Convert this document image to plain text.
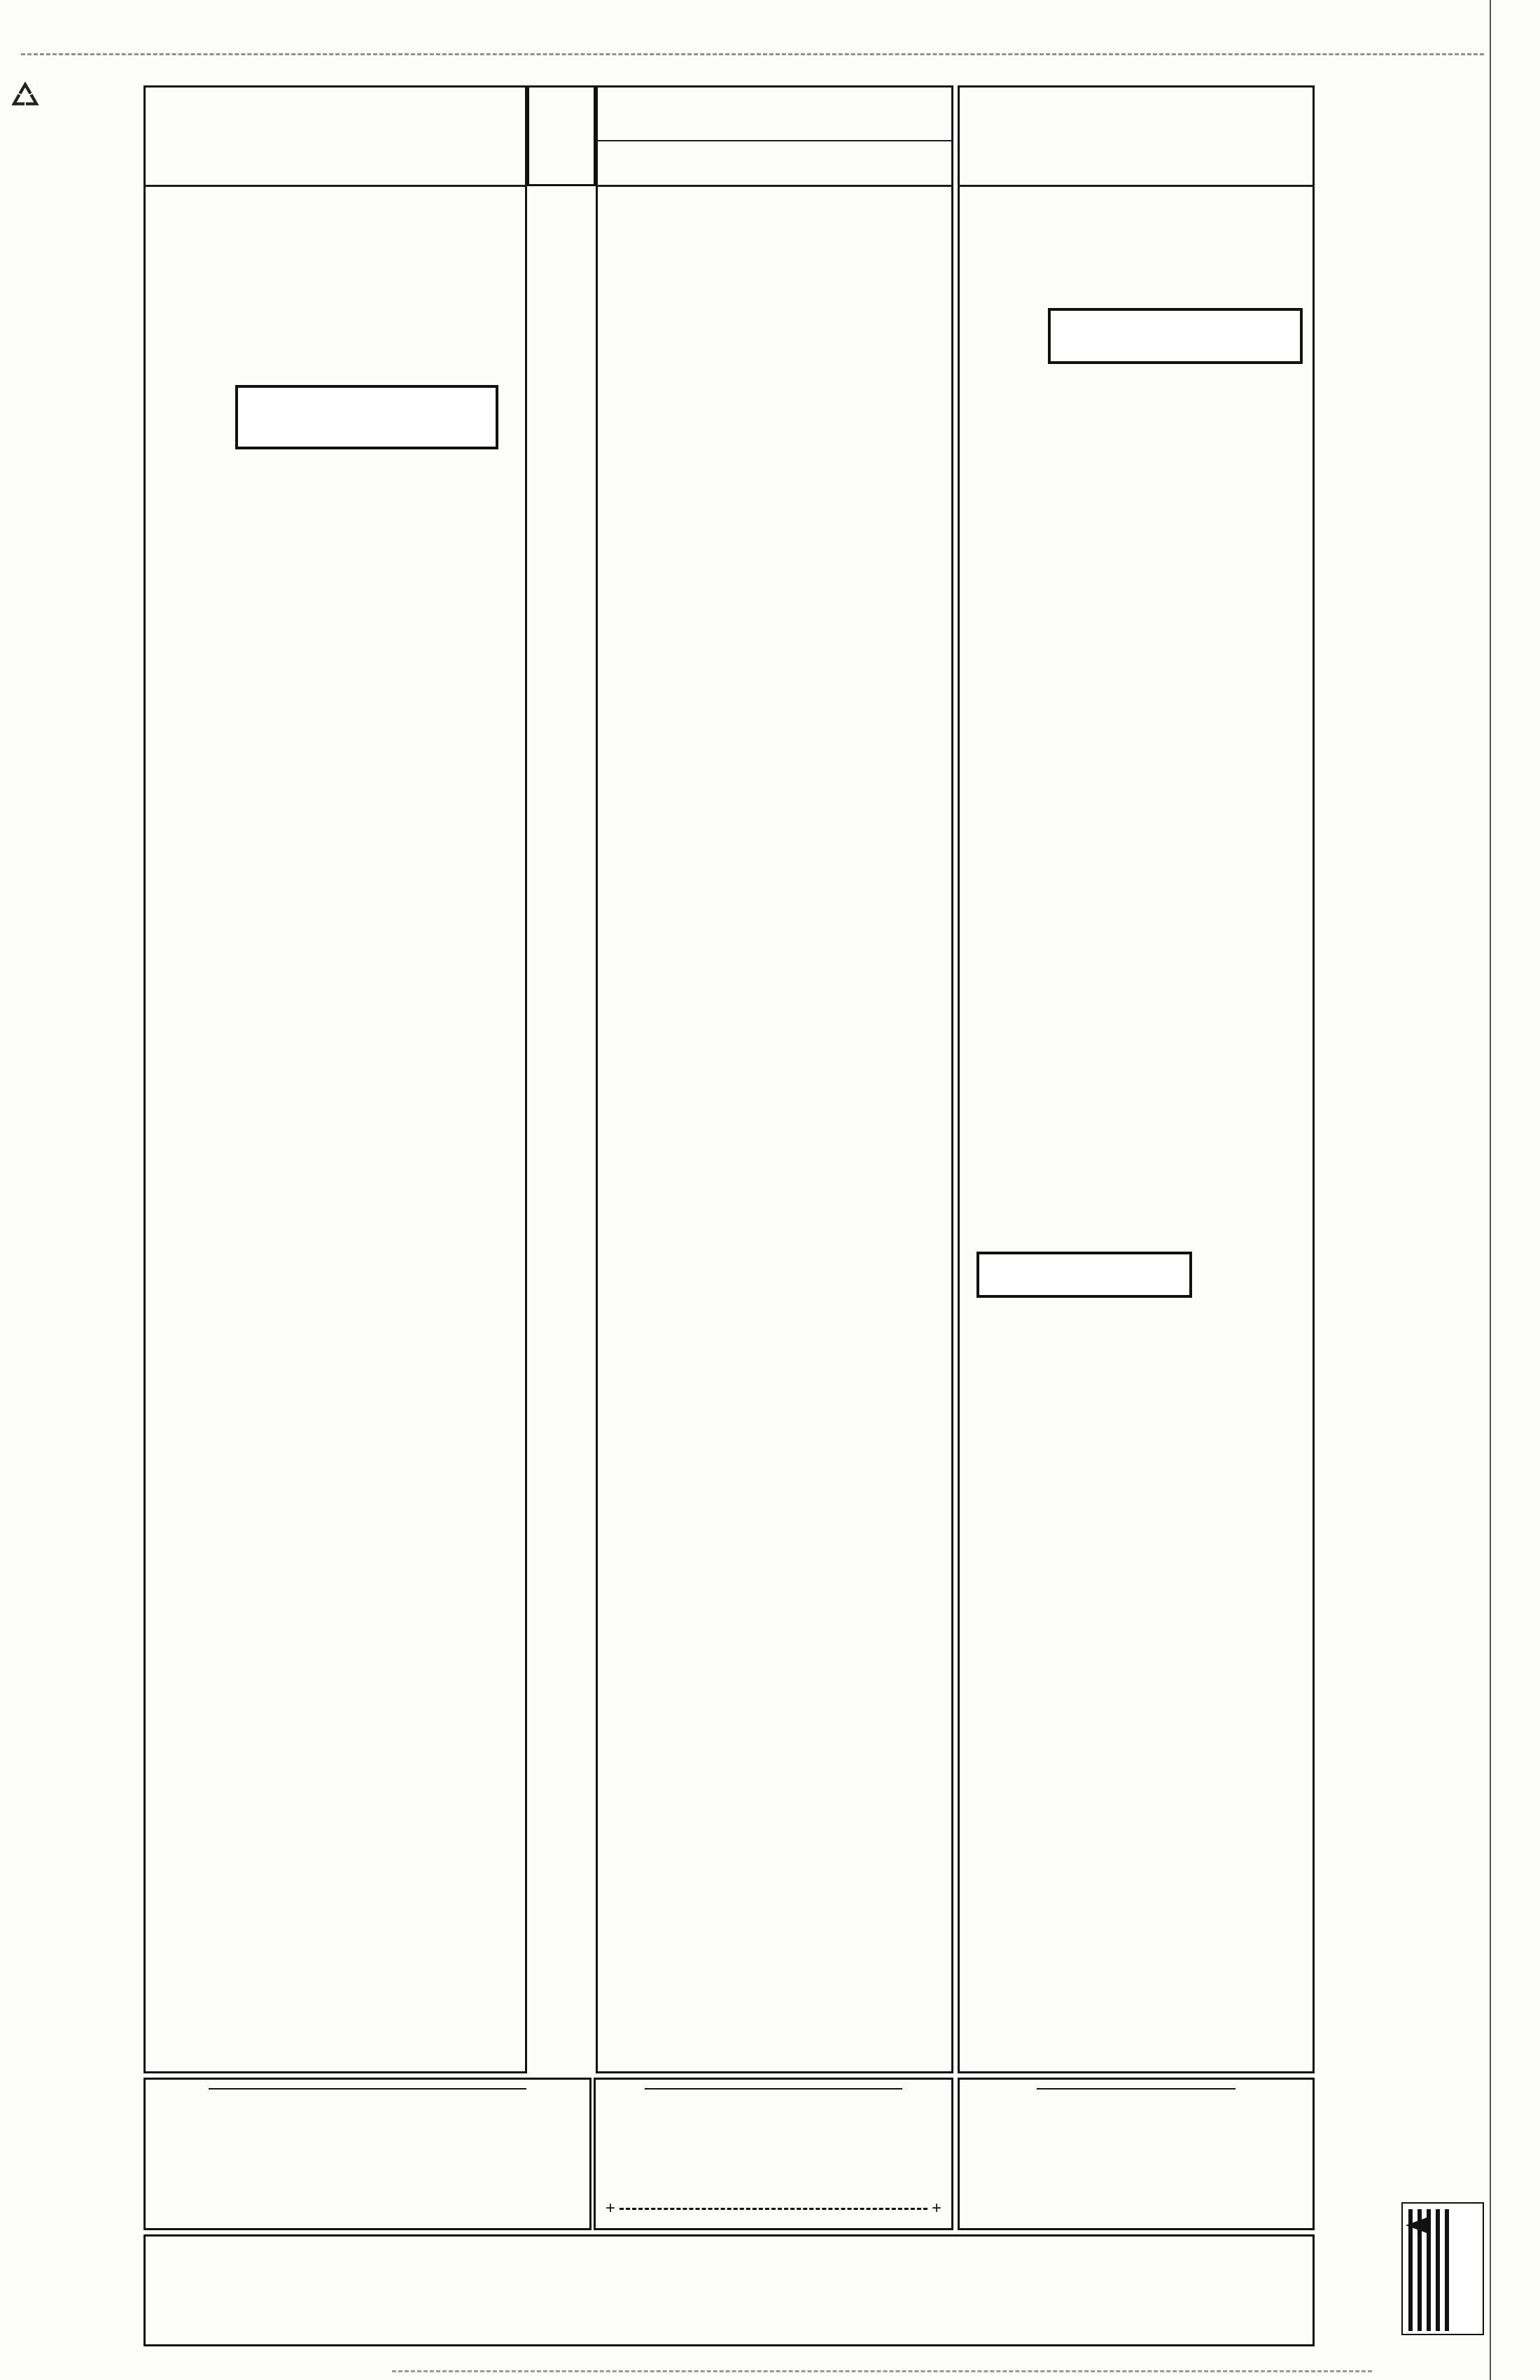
+	+
